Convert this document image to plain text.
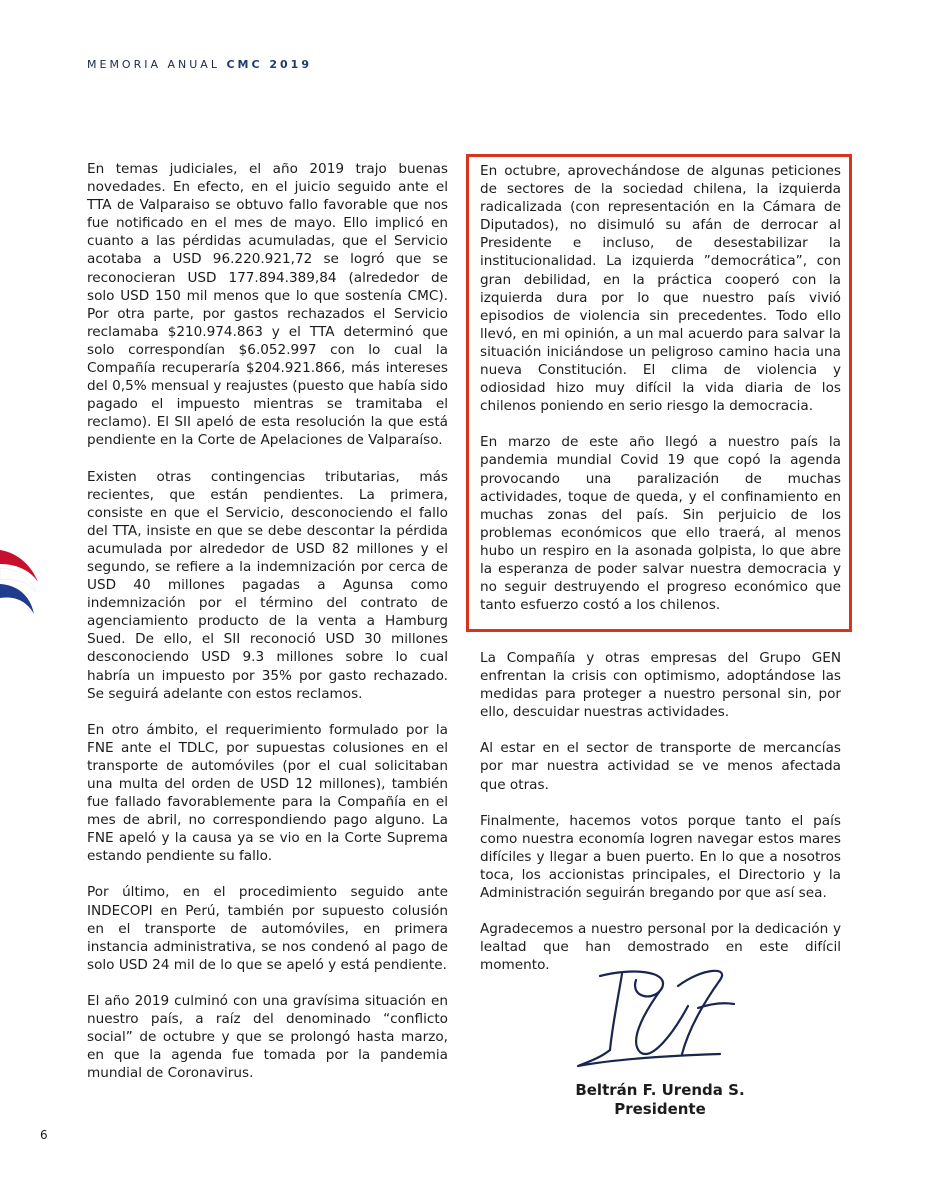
MEMORIA ANUAL CMC 2019

En temas judiciales, el año 2019 trajo buenas novedades. En efecto, en el juicio seguido ante el TTA de Valparaiso se obtuvo fallo favorable que nos fue notificado en el mes de mayo. Ello implicó en cuanto a las pérdidas acumuladas, que el Servicio acotaba a USD 96.220.921,72 se logró que se reconocieran USD 177.894.389,84 (alrededor de solo USD 150 mil menos que lo que sostenía CMC). Por otra parte, por gastos rechazados el Servicio reclamaba $210.974.863 y el TTA determinó que solo correspondían $6.052.997 con lo cual la Compañía recuperaría $204.921.866, más intereses del 0,5% mensual y reajustes (puesto que había sido pagado el impuesto mientras se tramitaba el reclamo). El SII apeló de esta resolución la que está pendiente en la Corte de Apelaciones de Valparaíso.

Existen otras contingencias tributarias, más recientes, que están pendientes. La primera, consiste en que el Servicio, desconociendo el fallo del TTA, insiste en que se debe descontar la pérdida acumulada por alrededor de USD 82 millones y el segundo, se refiere a la indemnización por cerca de USD 40 millones pagadas a Agunsa como indemnización por el término del contrato de agenciamiento producto de la venta a Hamburg Sued. De ello, el SII reconoció USD 30 millones desconociendo USD 9.3 millones sobre lo cual habría un impuesto por 35% por gasto rechazado. Se seguirá adelante con estos reclamos.

En otro ámbito, el requerimiento formulado por la FNE ante el TDLC, por supuestas colusiones en el transporte de automóviles (por el cual solicitaban una multa del orden de USD 12 millones), también fue fallado favorablemente para la Compañía en el mes de abril, no correspondiendo pago alguno. La FNE apeló y la causa ya se vio en la Corte Suprema estando pendiente su fallo.

Por último, en el procedimiento seguido ante INDECOPI en Perú, también por supuesto colusión en el transporte de automóviles, en primera instancia administrativa, se nos condenó al pago de solo USD 24 mil de lo que se apeló y está pendiente.

El año 2019 culminó con una gravísima situación en nuestro país, a raíz del denominado “conflicto social” de octubre y que se prolongó hasta marzo, en que la agenda fue tomada por la pandemia mundial de Coronavirus.

En octubre, aprovechándose de algunas peticiones de sectores de la sociedad chilena, la izquierda radicalizada (con representación en la Cámara de Diputados), no disimuló su afán de derrocar al Presidente e incluso, de desestabilizar la institucionalidad. La izquierda ”democrática”, con gran debilidad, en la práctica cooperó con la izquierda dura por lo que nuestro país vivió episodios de violencia sin precedentes. Todo ello llevó, en mi opinión, a un mal acuerdo para salvar la situación iniciándose un peligroso camino hacia una nueva Constitución. El clima de violencia y odiosidad hizo muy difícil la vida diaria de los chilenos poniendo en serio riesgo la democracia.

En marzo de este año llegó a nuestro país la pandemia mundial Covid 19 que copó la agenda provocando una paralización de muchas actividades, toque de queda, y el confinamiento en muchas zonas del país. Sin perjuicio de los problemas económicos que ello traerá, al menos hubo un respiro en la asonada golpista, lo que abre la esperanza de poder salvar nuestra democracia y no seguir destruyendo el progreso económico que tanto esfuerzo costó a los chilenos.

La Compañía y otras empresas del Grupo GEN enfrentan la crisis con optimismo, adoptándose las medidas para proteger a nuestro personal sin, por ello, descuidar nuestras actividades.

Al estar en el sector de transporte de mercancías por mar nuestra actividad se ve menos afectada que otras.

Finalmente, hacemos votos porque tanto el país como nuestra economía logren navegar estos mares difíciles y llegar a buen puerto. En lo que a nosotros toca, los accionistas principales, el Directorio y la Administración seguirán bregando por que así sea.

Agradecemos a nuestro personal por la dedicación y lealtad que han demostrado en este difícil momento.

Beltrán F. Urenda S.
Presidente
6
